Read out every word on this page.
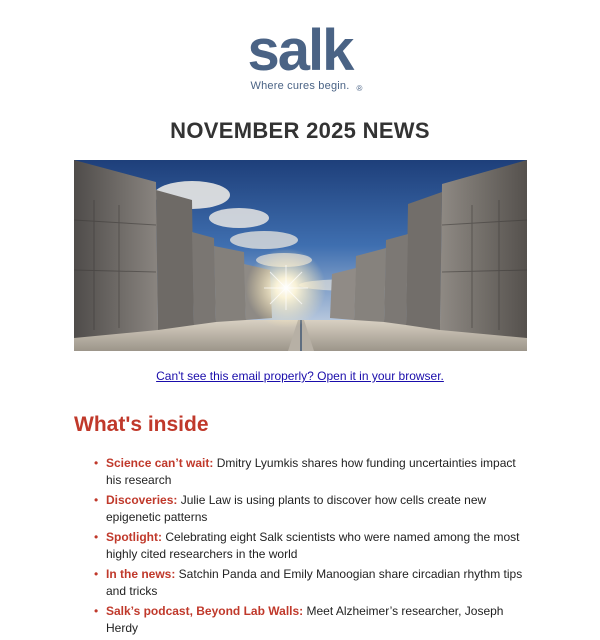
salk
®
Where cures begin.
NOVEMBER 2025 NEWS
Can't see this email properly? Open it in your browser.
What's inside
• Science can’t wait: Dmitry Lyumkis shares how funding uncertainties impact his research
• Discoveries: Julie Law is using plants to discover how cells create new epigenetic patterns
• Spotlight: Celebrating eight Salk scientists who were named among the most highly cited researchers in the world
• In the news: Satchin Panda and Emily Manoogian share circadian rhythm tips and tricks
• Salk’s podcast, Beyond Lab Walls: Meet Alzheimer’s researcher, Joseph Herdy
